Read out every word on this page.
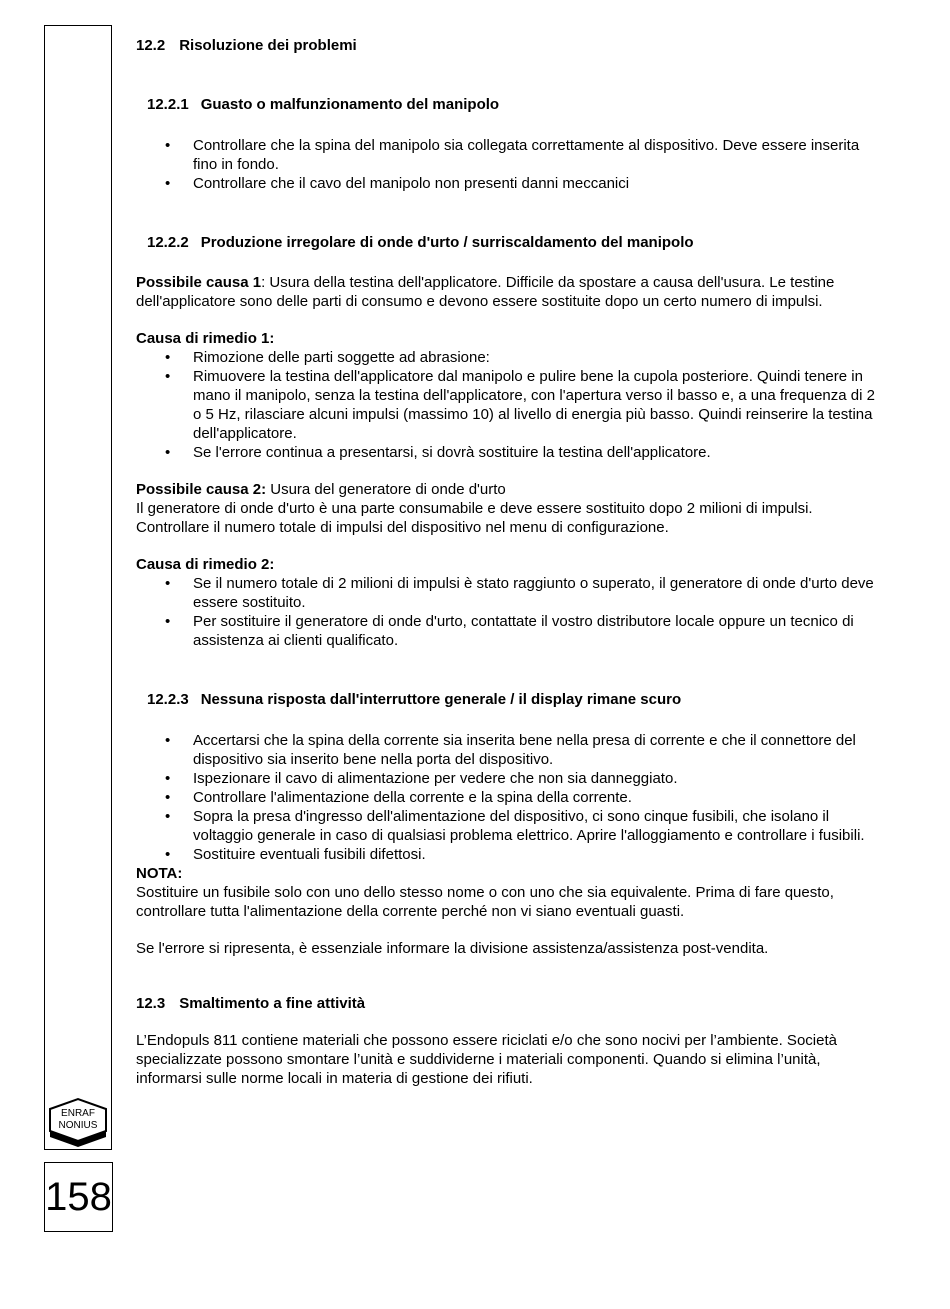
ENRAF
NONIUS
158
12.2 Risoluzione dei problemi
12.2.1 Guasto o malfunzionamento del manipolo
• Controllare che la spina del manipolo sia collegata correttamente al dispositivo. Deve essere inserita fino in fondo.
• Controllare che il cavo del manipolo non presenti danni meccanici
12.2.2 Produzione irregolare di onde d'urto / surriscaldamento del manipolo

Possibile causa 1: Usura della testina dell'applicatore. Difficile da spostare a causa dell'usura. Le testine dell'applicatore sono delle parti di consumo e devono essere sostituite dopo un certo numero di impulsi.

Causa di rimedio 1:

• Rimozione delle parti soggette ad abrasione:
• Rimuovere la testina dell'applicatore dal manipolo e pulire bene la cupola posteriore. Quindi tenere in mano il manipolo, senza la testina dell'applicatore, con l'apertura verso il basso e, a una frequenza di 2 o 5 Hz, rilasciare alcuni impulsi (massimo 10) al livello di energia più basso. Quindi reinserire la testina dell'applicatore.
• Se l'errore continua a presentarsi, si dovrà sostituire la testina dell'applicatore.

Possibile causa 2: Usura del generatore di onde d'urto

Il generatore di onde d'urto è una parte consumabile e deve essere sostituito dopo 2 milioni di impulsi. Controllare il numero totale di impulsi del dispositivo nel menu di configurazione.

Causa di rimedio 2:

• Se il numero totale di 2 milioni di impulsi è stato raggiunto o superato, il generatore di onde d'urto deve essere sostituito.
• Per sostituire il generatore di onde d'urto, contattate il vostro distributore locale oppure un tecnico di assistenza ai clienti qualificato.
12.2.3 Nessuna risposta dall'interruttore generale / il display rimane scuro
• Accertarsi che la spina della corrente sia inserita bene nella presa di corrente e che il connettore del dispositivo sia inserito bene nella porta del dispositivo.
• Ispezionare il cavo di alimentazione per vedere che non sia danneggiato.
• Controllare l'alimentazione della corrente e la spina della corrente.
• Sopra la presa d'ingresso dell'alimentazione del dispositivo, ci sono cinque fusibili, che isolano il voltaggio generale in caso di qualsiasi problema elettrico. Aprire l'alloggiamento e controllare i fusibili.
• Sostituire eventuali fusibili difettosi.

NOTA:

Sostituire un fusibile solo con uno dello stesso nome o con uno che sia equivalente. Prima di fare questo, controllare tutta l'alimentazione della corrente perché non vi siano eventuali guasti.

Se l'errore si ripresenta, è essenziale informare la divisione assistenza/assistenza post-vendita.

12.3 Smaltimento a fine attività

L’Endopuls 811 contiene materiali che possono essere riciclati e/o che sono nocivi per l’ambiente. Società specializzate possono smontare l’unità e suddividerne i materiali componenti. Quando si elimina l’unità, informarsi sulle norme locali in materia di gestione dei rifiuti.
